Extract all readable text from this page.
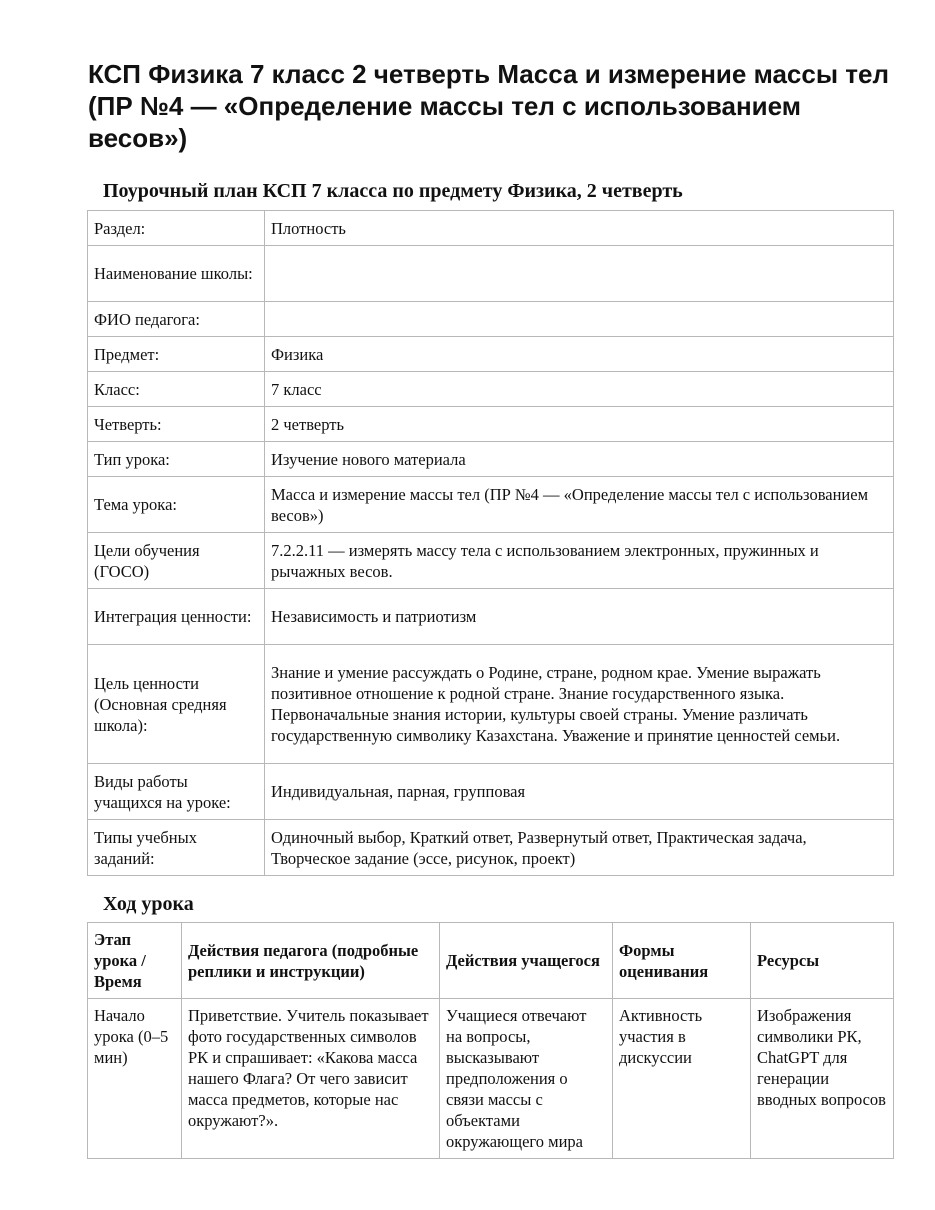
КСП Физика 7 класс 2 четверть Масса и измерение массы тел (ПР №4 — «Определение массы тел с использованием весов»)
Поурочный план КСП 7 класса по предмету Физика, 2 четверть
Раздел:	Плотность
Наименование школы:	
ФИО педагога:	
Предмет:	Физика
Класс:	7 класс
Четверть:	2 четверть
Тип урока:	Изучение нового материала
Тема урока:	Масса и измерение массы тел (ПР №4 — «Определение массы тел с использованием весов»)
Цели обучения (ГОСО)	7.2.2.11 — измерять массу тела с использованием электронных, пружинных и рычажных весов.
Интеграция ценности:	Независимость и патриотизм
Цель ценности (Основная средняя школа):	Знание и умение рассуждать о Родине, стране, родном крае. Умение выражать позитивное отношение к родной стране. Знание государственного языка. Первоначальные знания истории, культуры своей страны. Умение различать государственную символику Казахстана. Уважение и принятие ценностей семьи.
Виды работы учащихся на уроке:	Индивидуальная, парная, групповая
Типы учебных заданий:	Одиночный выбор, Краткий ответ, Развернутый ответ, Практическая задача, Творческое задание (эссе, рисунок, проект)
Ход урока
Этап урока / Время	Действия педагога (подробные реплики и инструкции)	Действия учащегося	Формы оценивания	Ресурсы
Начало урока (0–5 мин)	Приветствие. Учитель показывает фото государственных символов РК и спрашивает: «Какова масса нашего Флага? От чего зависит масса предметов, которые нас окружают?».	Учащиеся отвечают на вопросы, высказывают предположения о связи массы с объектами окружающего мира	Активность участия в дискуссии	Изображения символики РК, ChatGPT для генерации вводных вопросов
